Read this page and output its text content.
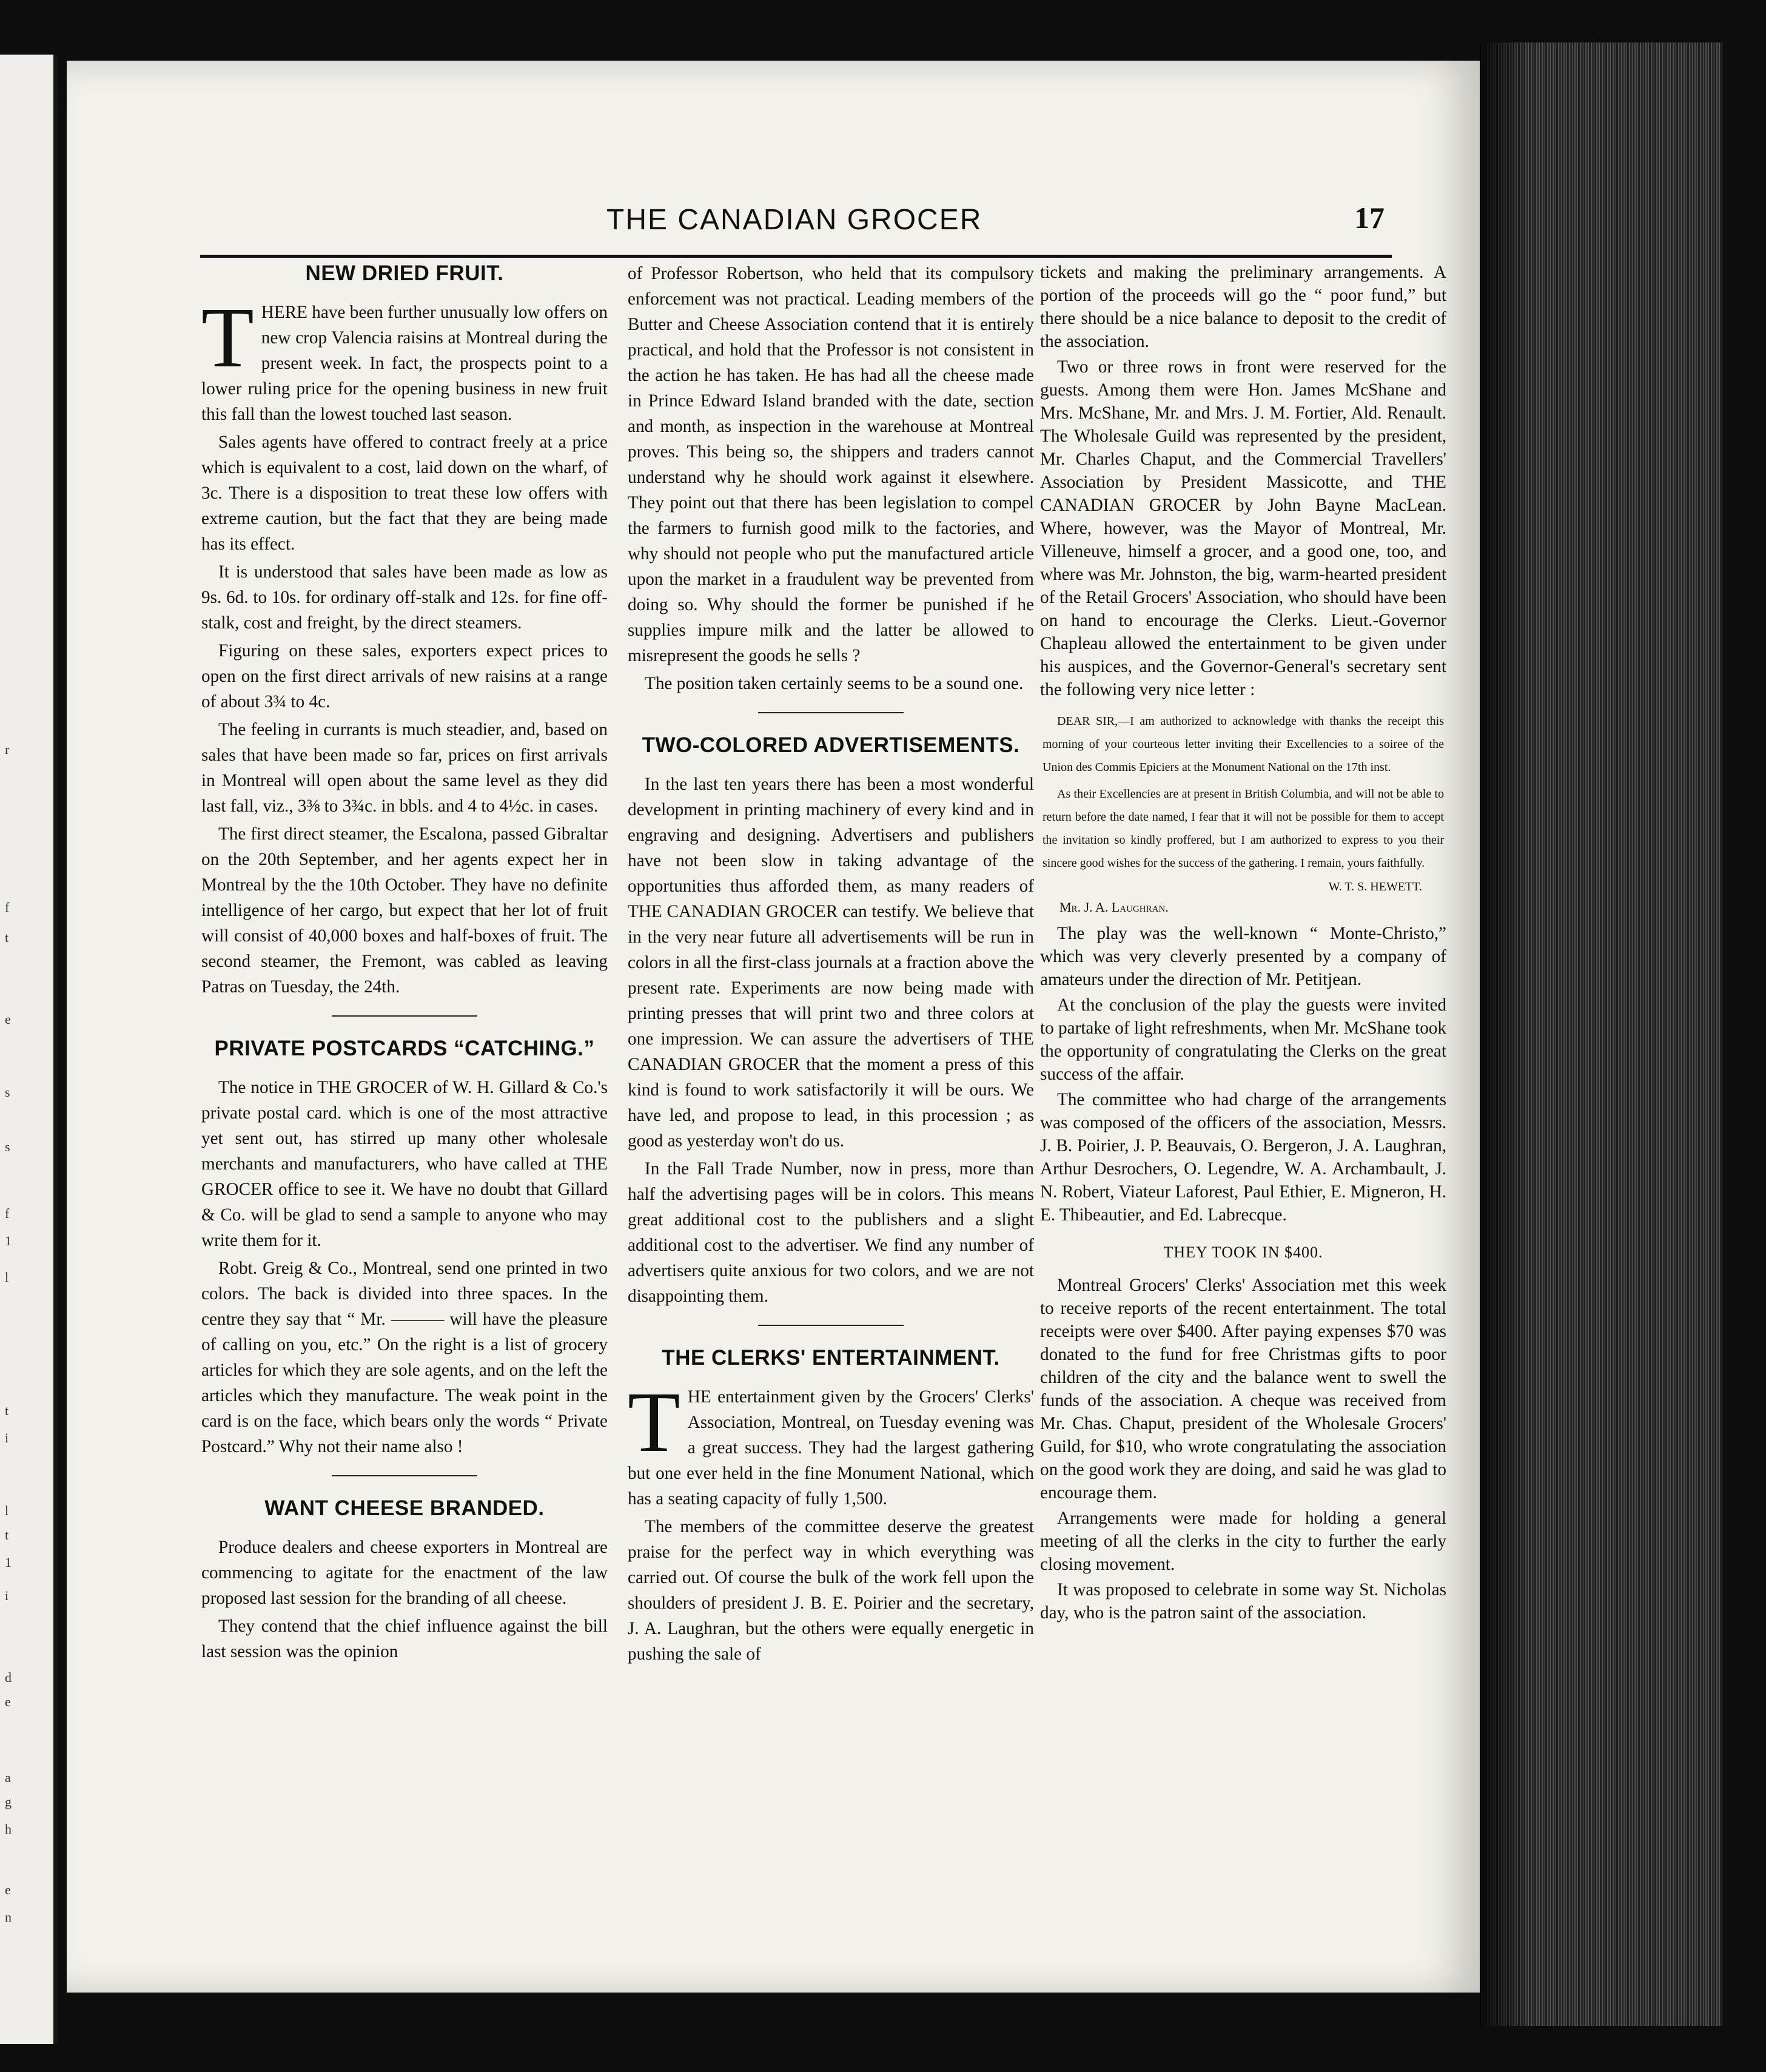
r
f
t
e
s
s
f
1
l
t
i
l
t
1
i
d
e
a
g
h
e
n
THE CANADIAN GROCER	17
NEW DRIED FRUIT.

THERE have been further unusually low offers on new crop Valencia raisins at Montreal during the present week. In fact, the prospects point to a lower ruling price for the opening business in new fruit this fall than the lowest touched last season.

Sales agents have offered to contract freely at a price which is equivalent to a cost, laid down on the wharf, of 3c. There is a disposition to treat these low offers with extreme caution, but the fact that they are being made has its effect.

It is understood that sales have been made as low as 9s. 6d. to 10s. for ordinary off-stalk and 12s. for fine off-stalk, cost and freight, by the direct steamers.

Figuring on these sales, exporters expect prices to open on the first direct arrivals of new raisins at a range of about 3¾ to 4c.

The feeling in currants is much steadier, and, based on sales that have been made so far, prices on first arrivals in Montreal will open about the same level as they did last fall, viz., 3⅜ to 3¾c. in bbls. and 4 to 4½c. in cases.

The first direct steamer, the Escalona, passed Gibraltar on the 20th September, and her agents expect her in Montreal by the the 10th October. They have no definite intelligence of her cargo, but expect that her lot of fruit will consist of 40,000 boxes and half-boxes of fruit. The second steamer, the Fremont, was cabled as leaving Patras on Tuesday, the 24th.

PRIVATE POSTCARDS “CATCHING.”

The notice in THE GROCER of W. H. Gillard & Co.'s private postal card. which is one of the most attractive yet sent out, has stirred up many other wholesale merchants and manufacturers, who have called at THE GROCER office to see it. We have no doubt that Gillard & Co. will be glad to send a sample to anyone who may write them for it.

Robt. Greig & Co., Montreal, send one printed in two colors. The back is divided into three spaces. In the centre they say that “ Mr. ——— will have the pleasure of calling on you, etc.” On the right is a list of grocery articles for which they are sole agents, and on the left the articles which they manufacture. The weak point in the card is on the face, which bears only the words “ Private Postcard.” Why not their name also !

WANT CHEESE BRANDED.

Produce dealers and cheese exporters in Montreal are commencing to agitate for the enactment of the law proposed last session for the branding of all cheese.

They contend that the chief influence against the bill last session was the opinion

of Professor Robertson, who held that its compulsory enforcement was not practical. Leading members of the Butter and Cheese Association contend that it is entirely practical, and hold that the Professor is not consistent in the action he has taken. He has had all the cheese made in Prince Edward Island branded with the date, section and month, as inspection in the warehouse at Montreal proves. This being so, the shippers and traders cannot understand why he should work against it elsewhere. They point out that there has been legislation to compel the farmers to furnish good milk to the factories, and why should not people who put the manufactured article upon the market in a fraudulent way be prevented from doing so. Why should the former be punished if he supplies impure milk and the latter be allowed to misrepresent the goods he sells ?

The position taken certainly seems to be a sound one.

TWO-COLORED ADVERTISEMENTS.

In the last ten years there has been a most wonderful development in printing machinery of every kind and in engraving and designing. Advertisers and publishers have not been slow in taking advantage of the opportunities thus afforded them, as many readers of THE CANADIAN GROCER can testify. We believe that in the very near future all advertisements will be run in colors in all the first-class journals at a fraction above the present rate. Experiments are now being made with printing presses that will print two and three colors at one impression. We can assure the advertisers of THE CANADIAN GROCER that the moment a press of this kind is found to work satisfactorily it will be ours. We have led, and propose to lead, in this procession ; as good as yesterday won't do us.

In the Fall Trade Number, now in press, more than half the advertising pages will be in colors. This means great additional cost to the publishers and a slight additional cost to the advertiser. We find any number of advertisers quite anxious for two colors, and we are not disappointing them.

THE CLERKS' ENTERTAINMENT.

THE entertainment given by the Grocers' Clerks' Association, Montreal, on Tuesday evening was a great success. They had the largest gathering but one ever held in the fine Monument National, which has a seating capacity of fully 1,500.

The members of the committee deserve the greatest praise for the perfect way in which everything was carried out. Of course the bulk of the work fell upon the shoulders of president J. B. E. Poirier and the secretary, J. A. Laughran, but the others were equally energetic in pushing the sale of

tickets and making the preliminary arrangements. A portion of the proceeds will go the “ poor fund,” but there should be a nice balance to deposit to the credit of the association.

Two or three rows in front were reserved for the guests. Among them were Hon. James McShane and Mrs. McShane, Mr. and Mrs. J. M. Fortier, Ald. Renault. The Wholesale Guild was represented by the president, Mr. Charles Chaput, and the Commercial Travellers' Association by President Massicotte, and THE CANADIAN GROCER by John Bayne MacLean. Where, however, was the Mayor of Montreal, Mr. Villeneuve, himself a grocer, and a good one, too, and where was Mr. Johnston, the big, warm-hearted president of the Retail Grocers' Association, who should have been on hand to encourage the Clerks. Lieut.-Governor Chapleau allowed the entertainment to be given under his auspices, and the Governor-General's secretary sent the following very nice letter :

DEAR SIR,—I am authorized to acknowledge with thanks the receipt this morning of your courteous letter inviting their Excellencies to a soiree of the Union des Commis Epiciers at the Monument National on the 17th inst.

As their Excellencies are at present in British Columbia, and will not be able to return before the date named, I fear that it will not be possible for them to accept the invitation so kindly proffered, but I am authorized to express to you their sincere good wishes for the success of the gathering. I remain, yours faithfully.

W. T. S. HEWETT.
Mr. J. A. Laughran.

The play was the well-known “ Monte-Christo,” which was very cleverly presented by a company of amateurs under the direction of Mr. Petitjean.

At the conclusion of the play the guests were invited to partake of light refreshments, when Mr. McShane took the opportunity of congratulating the Clerks on the great success of the affair.

The committee who had charge of the arrangements was composed of the officers of the association, Messrs. J. B. Poirier, J. P. Beauvais, O. Bergeron, J. A. Laughran, Arthur Desrochers, O. Legendre, W. A. Archambault, J. N. Robert, Viateur Laforest, Paul Ethier, E. Migneron, H. E. Thibeautier, and Ed. Labrecque.

THEY TOOK IN $400.

Montreal Grocers' Clerks' Association met this week to receive reports of the recent entertainment. The total receipts were over $400. After paying expenses $70 was donated to the fund for free Christmas gifts to poor children of the city and the balance went to swell the funds of the association. A cheque was received from Mr. Chas. Chaput, president of the Wholesale Grocers' Guild, for $10, who wrote congratulating the association on the good work they are doing, and said he was glad to encourage them.

Arrangements were made for holding a general meeting of all the clerks in the city to further the early closing movement.

It was proposed to celebrate in some way St. Nicholas day, who is the patron saint of the association.
